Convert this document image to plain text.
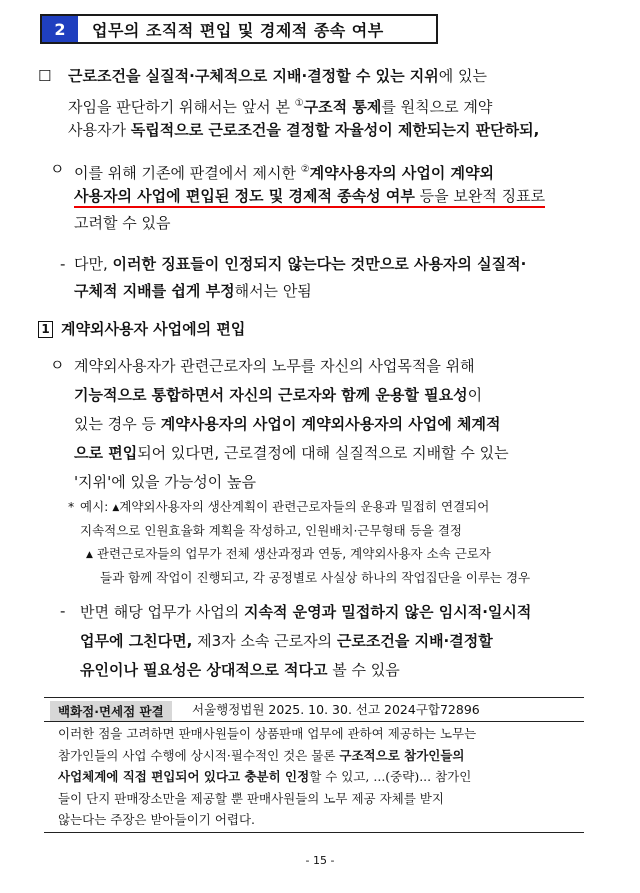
2	업무의 조직적 편입 및 경제적 종속 여부
☐ 근로조건을 실질적·구체적으로 지배·결정할 수 있는 지위에 있는
자임을 판단하기 위해서는 앞서 본 ①구조적 통제를 원칙으로 계약
사용자가 독립적으로 근로조건을 결정할 자율성이 제한되는지 판단하되,
ㅇ 이를 위해 기존에 판결에서 제시한 ②계약사용자의 사업이 계약외
사용자의 사업에 편입된 정도 및 경제적 종속성 여부 등을 보완적 징표로
고려할 수 있음
- 다만, 이러한 징표들이 인정되지 않는다는 것만으로 사용자의 실질적·
구체적 지배를 쉽게 부정해서는 안됨
1 계약외사용자 사업에의 편입
ㅇ 계약외사용자가 관련근로자의 노무를 자신의 사업목적을 위해
기능적으로 통합하면서 자신의 근로자와 함께 운용할 필요성이
있는 경우 등 계약사용자의 사업이 계약외사용자의 사업에 체계적
으로 편입되어 있다면, 근로결정에 대해 실질적으로 지배할 수 있는
'지위'에 있을 가능성이 높음
* 예시: ▲계약외사용자의 생산계획이 관련근로자들의 운용과 밀접히 연결되어
지속적으로 인원효율화 계획을 작성하고, 인원배치·근무형태 등을 결정
▲ 관련근로자들의 업무가 전체 생산과정과 연동, 계약외사용자 소속 근로자
들과 함께 작업이 진행되고, 각 공정별로 사실상 하나의 작업집단을 이루는 경우
- 반면 해당 업무가 사업의 지속적 운영과 밀접하지 않은 임시적·일시적
업무에 그친다면, 제3자 소속 근로자의 근로조건을 지배·결정할
유인이나 필요성은 상대적으로 적다고 볼 수 있음
백화점·면세점 판결	서울행정법원 2025. 10. 30. 선고 2024구합72896
이러한 점을 고려하면 판매사원들이 상품판매 업무에 관하여 제공하는 노무는
참가인들의 사업 수행에 상시적·필수적인 것은 물론 구조적으로 참가인들의
사업체계에 직접 편입되어 있다고 충분히 인정할 수 있고, ...(중략)... 참가인
들이 단지 판매장소만을 제공할 뿐 판매사원들의 노무 제공 자체를 받지
않는다는 주장은 받아들이기 어렵다.
- 15 -
